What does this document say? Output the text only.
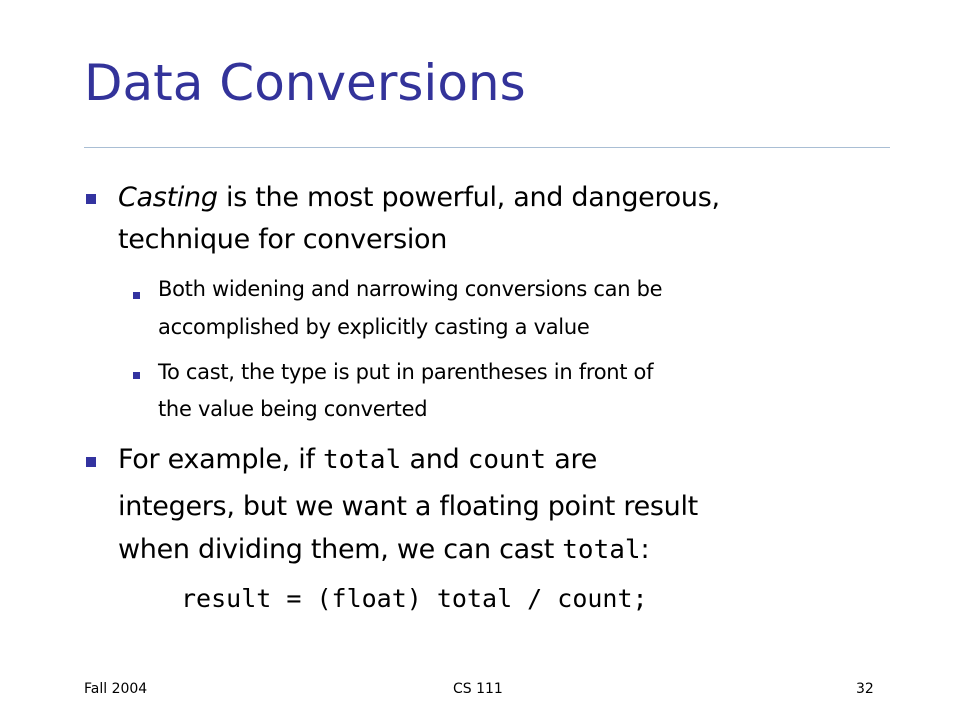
Data Conversions

Casting is the most powerful, and dangerous,

technique for conversion

Both widening and narrowing conversions can be

accomplished by explicitly casting a value

To cast, the type is put in parentheses in front of

the value being converted

For example, if total and count are

integers, but we want a floating point result

when dividing them, we can cast total:

result = (float) total / count;
Fall 2004	CS 111	32
